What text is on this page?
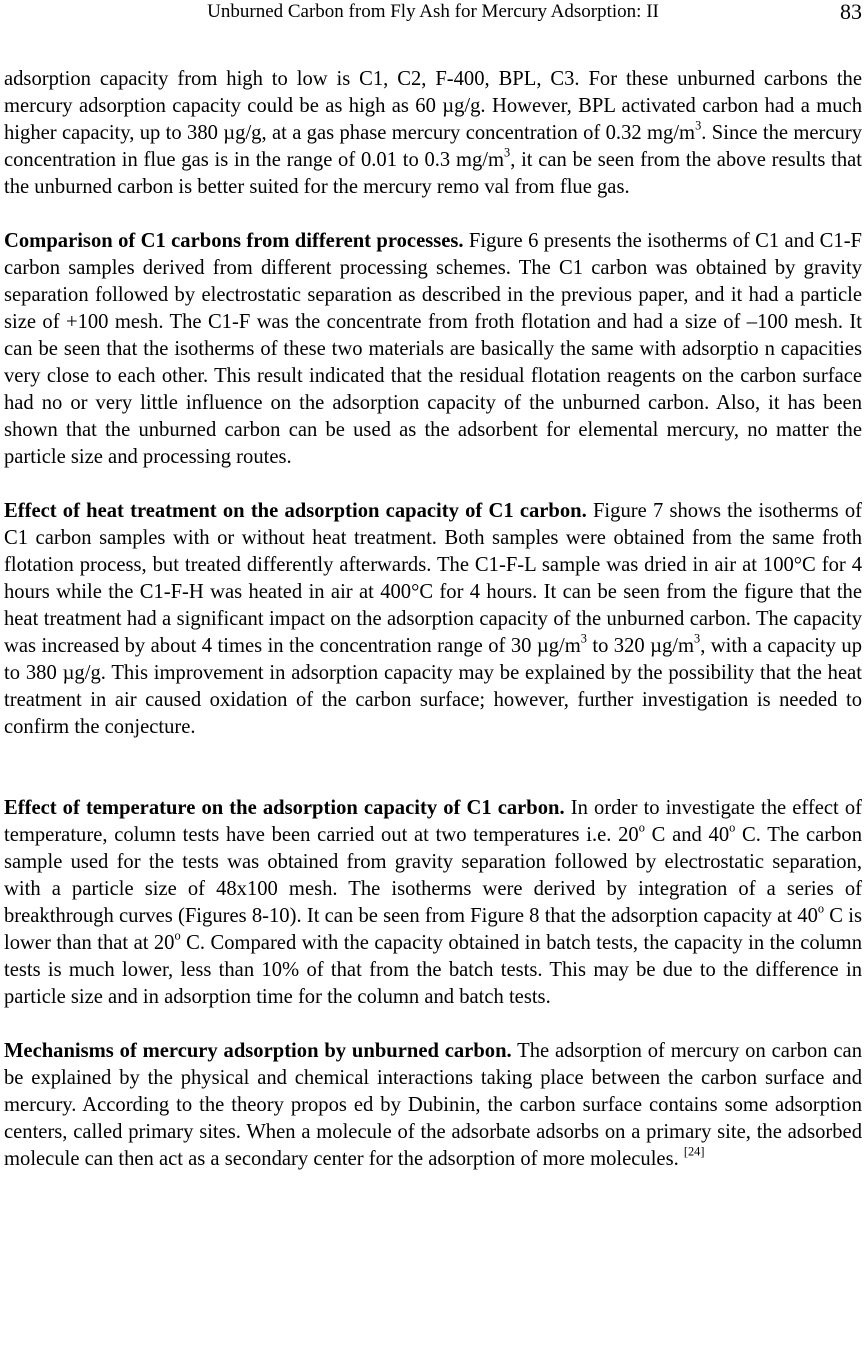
Unburned Carbon from Fly Ash for Mercury Adsorption: II	83

adsorption capacity from high to low is C1, C2, F-400, BPL, C3. For these unburned carbons the mercury adsorption capacity could be as high as 60 µg/g. However, BPL activated carbon had a much higher capacity, up to 380 µg/g, at a gas phase mercury concentration of 0.32 $mg/m^3$. Since the mercury concentration in flue gas is in the range of 0.01 to 0.3 $mg/m^3$, it can be seen from the above results that the unburned carbon is better suited for the mercury remo val from flue gas.

Comparison of C1 carbons from different processes. Figure 6 presents the isotherms of C1 and C1-F carbon samples derived from different processing schemes. The C1 carbon was obtained by gravity separation followed by electrostatic separation as described in the previous paper, and it had a particle size of +100 mesh. The C1-F was the concentrate from froth flotation and had a size of –100 mesh. It can be seen that the isotherms of these two materials are basically the same with adsorptio n capacities very close to each other. This result indicated that the residual flotation reagents on the carbon surface had no or very little influence on the adsorption capacity of the unburned carbon. Also, it has been shown that the unburned carbon can be used as the adsorbent for elemental mercury, no matter the particle size and processing routes.

Effect of heat treatment on the adsorption capacity of C1 carbon. Figure 7 shows the isotherms of C1 carbon samples with or without heat treatment. Both samples were obtained from the same froth flotation process, but treated differently afterwards. The C1-F-L sample was dried in air at 100°C for 4 hours while the C1-F-H was heated in air at 400°C for 4 hours. It can be seen from the figure that the heat treatment had a significant impact on the adsorption capacity of the unburned carbon. The capacity was increased by about 4 times in the concentration range of 30 $\mu g/m^3$ to 320 $\mu g/m^3$, with a capacity up to 380 µg/g. This improvement in adsorption capacity may be explained by the possibility that the heat treatment in air caused oxidation of the carbon surface; however, further investigation is needed to confirm the conjecture.

Effect of temperature on the adsorption capacity of C1 carbon. In order to investigate the effect of temperature, column tests have been carried out at two temperatures i.e. 20$^o$ C and 40$^o$ C. The carbon sample used for the tests was obtained from gravity separation followed by electrostatic separation, with a particle size of 48x100 mesh. The isotherms were derived by integration of a series of breakthrough curves (Figures 8-10). It can be seen from Figure 8 that the adsorption capacity at 40$^o$ C is lower than that at 20$^o$ C. Compared with the capacity obtained in batch tests, the capacity in the column tests is much lower, less than 10% of that from the batch tests. This may be due to the difference in particle size and in adsorption time for the column and batch tests.

Mechanisms of mercury adsorption by unburned carbon. The adsorption of mercury on carbon can be explained by the physical and chemical interactions taking place between the carbon surface and mercury. According to the theory propos ed by Dubinin, the carbon surface contains some adsorption centers, called primary sites. When a molecule of the adsorbate adsorbs on a primary site, the adsorbed molecule can then act as a secondary center for the adsorption of more molecules. [24]
